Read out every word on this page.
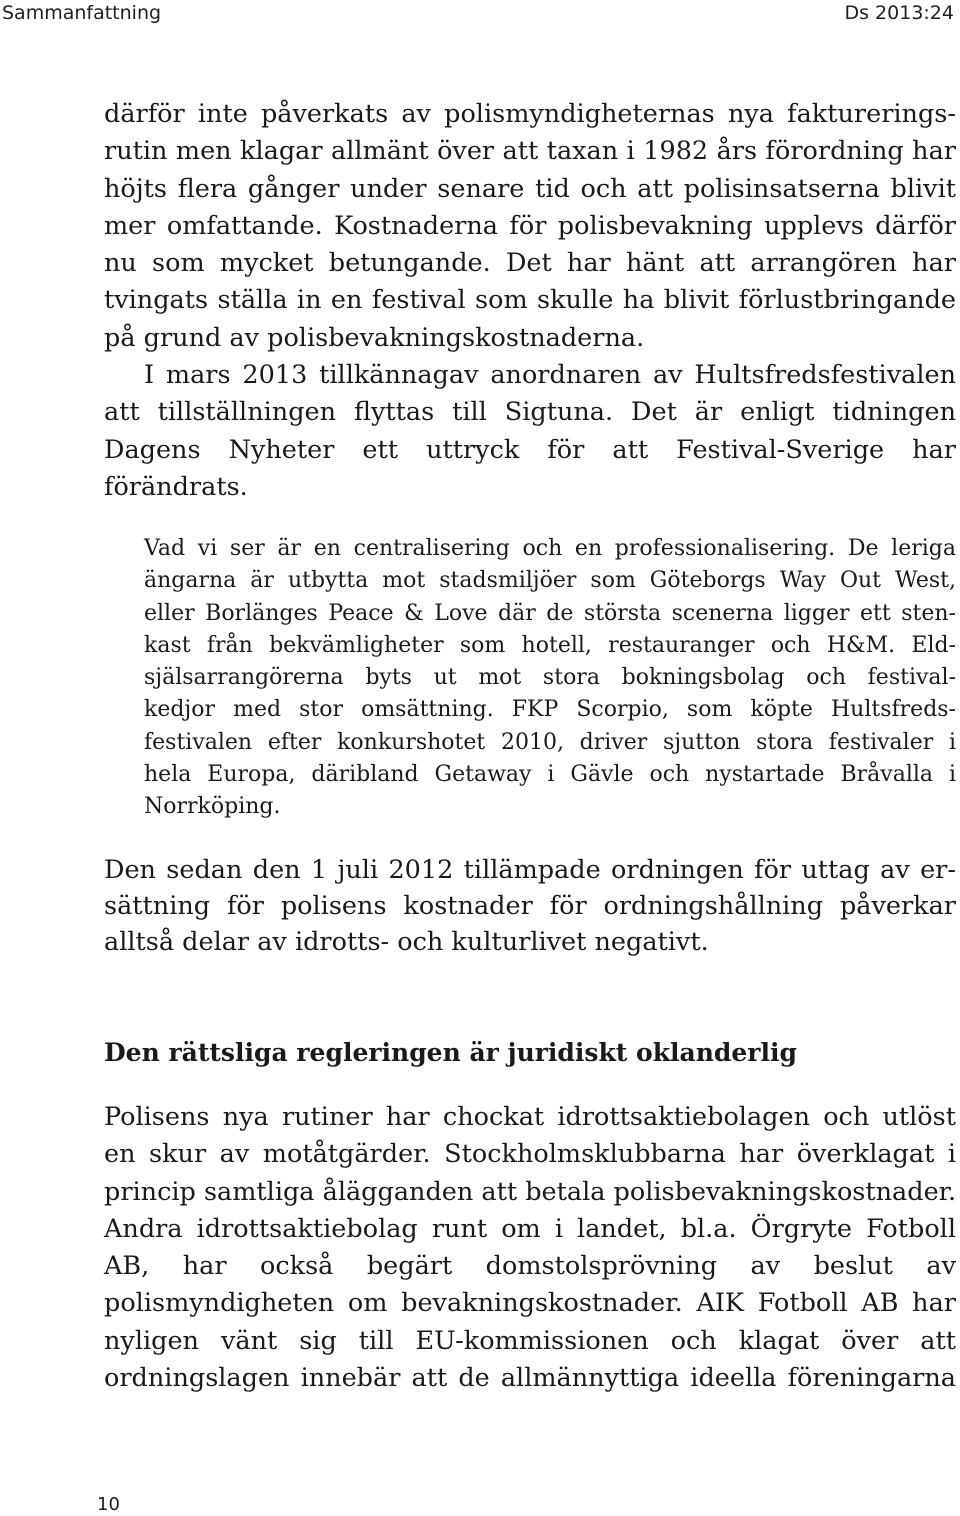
Sammanfattning	Ds 2013:24
därför inte påverkats av polismyndigheternas nya fakturerings-
rutin men klagar allmänt över att taxan i 1982 års förordning har
höjts flera gånger under senare tid och att polisinsatserna blivit
mer omfattande. Kostnaderna för polisbevakning upplevs därför
nu som mycket betungande. Det har hänt att arrangören har
tvingats ställa in en festival som skulle ha blivit förlustbringande
på grund av polisbevakningskostnaderna.
I mars 2013 tillkännagav anordnaren av Hultsfredsfestivalen
att tillställningen flyttas till Sigtuna. Det är enligt tidningen
Dagens Nyheter ett uttryck för att Festival-Sverige har
förändrats.
Vad vi ser är en centralisering och en professionalisering. De leriga
ängarna är utbytta mot stadsmiljöer som Göteborgs Way Out West,
eller Borlänges Peace & Love där de största scenerna ligger ett sten-
kast från bekvämligheter som hotell, restauranger och H&M. Eld-
själsarrangörerna byts ut mot stora bokningsbolag och festival-
kedjor med stor omsättning. FKP Scorpio, som köpte Hultsfreds-
festivalen efter konkurshotet 2010, driver sjutton stora festivaler i
hela Europa, däribland Getaway i Gävle och nystartade Bråvalla i
Norrköping.
Den sedan den 1 juli 2012 tillämpade ordningen för uttag av er-
sättning för polisens kostnader för ordningshållning påverkar
alltså delar av idrotts- och kulturlivet negativt.
Den rättsliga regleringen är juridiskt oklanderlig
Polisens nya rutiner har chockat idrottsaktiebolagen och utlöst
en skur av motåtgärder. Stockholmsklubbarna har överklagat i
princip samtliga ålägganden att betala polisbevakningskostnader.
Andra idrottsaktiebolag runt om i landet, bl.a. Örgryte Fotboll
AB, har också begärt domstolsprövning av beslut av
polismyndigheten om bevakningskostnader. AIK Fotboll AB har
nyligen vänt sig till EU-kommissionen och klagat över att
ordningslagen innebär att de allmännyttiga ideella föreningarna
10
